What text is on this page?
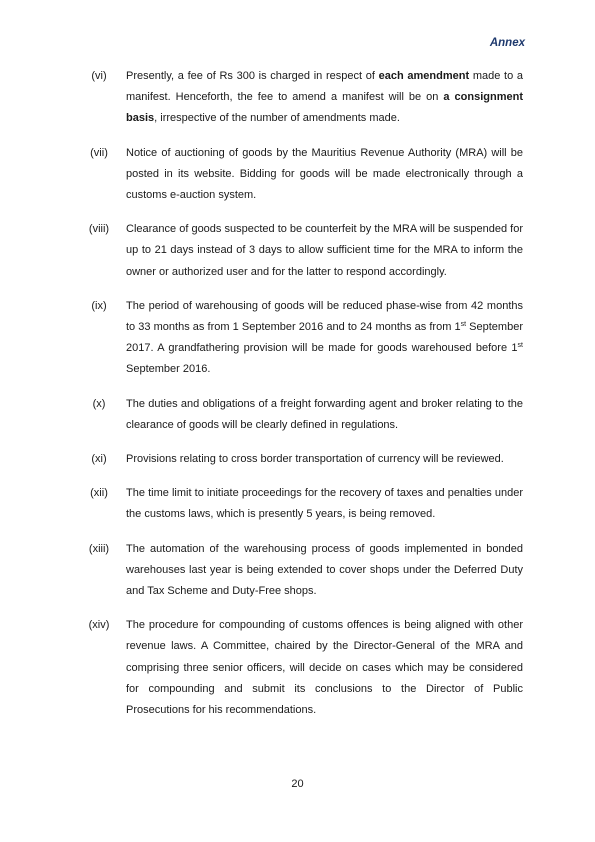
Annex
(vi)	Presently, a fee of Rs 300 is charged in respect of each amendment made to a manifest. Henceforth, the fee to amend a manifest will be on a consignment basis, irrespective of the number of amendments made.
(vii)	Notice of auctioning of goods by the Mauritius Revenue Authority (MRA) will be posted in its website. Bidding for goods will be made electronically through a customs e-auction system.
(viii)	Clearance of goods suspected to be counterfeit by the MRA will be suspended for up to 21 days instead of 3 days to allow sufficient time for the MRA to inform the owner or authorized user and for the latter to respond accordingly.
(ix)	The period of warehousing of goods will be reduced phase-wise from 42 months to 33 months as from 1 September 2016 and to 24 months as from 1st September 2017. A grandfathering provision will be made for goods warehoused before 1st September 2016.
(x)	The duties and obligations of a freight forwarding agent and broker relating to the clearance of goods will be clearly defined in regulations.
(xi)	Provisions relating to cross border transportation of currency will be reviewed.
(xii)	The time limit to initiate proceedings for the recovery of taxes and penalties under the customs laws, which is presently 5 years, is being removed.
(xiii)	The automation of the warehousing process of goods implemented in bonded warehouses last year is being extended to cover shops under the Deferred Duty and Tax Scheme and Duty-Free shops.
(xiv)	The procedure for compounding of customs offences is being aligned with other revenue laws. A Committee, chaired by the Director-General of the MRA and comprising three senior officers, will decide on cases which may be considered for compounding and submit its conclusions to the Director of Public Prosecutions for his recommendations.
20
